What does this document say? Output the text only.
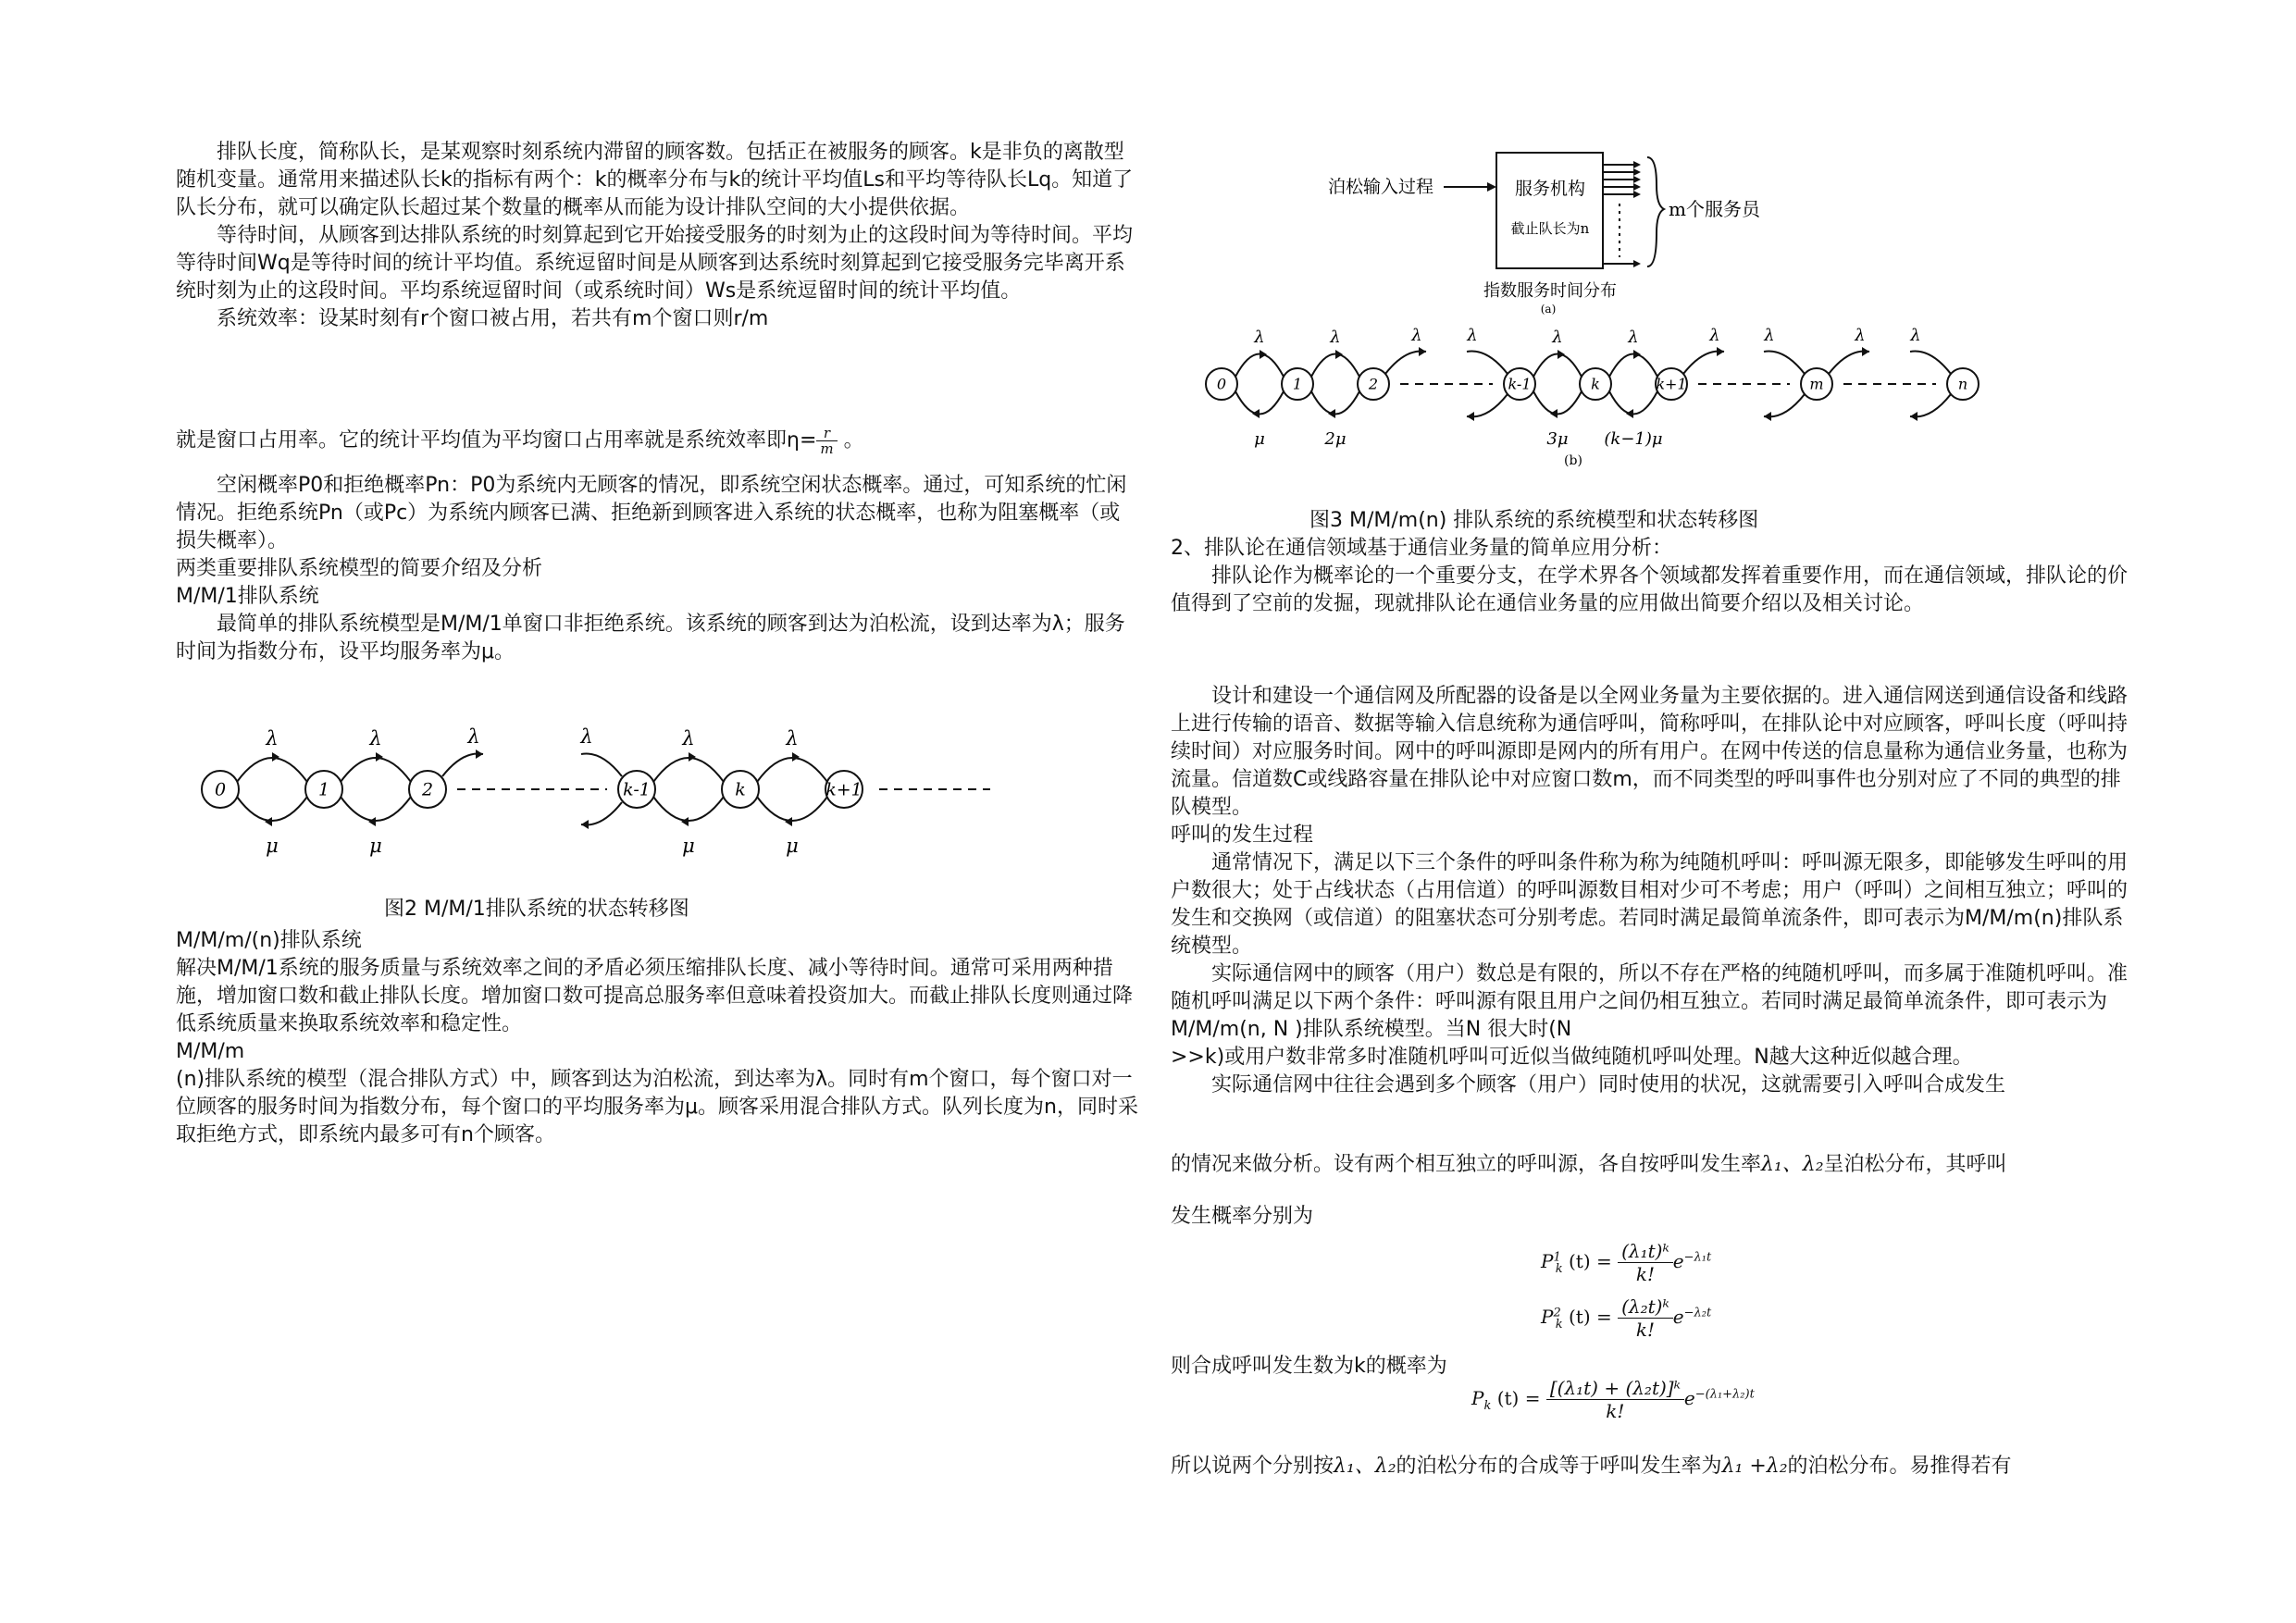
排队长度，简称队长，是某观察时刻系统内滞留的顾客数。包括正在被服务的顾客。k是非负的离散型随机变量。通常用来描述队长k的指标有两个：k的概率分布与k的统计平均值Ls和平均等待队长Lq。知道了队长分布，就可以确定队长超过某个数量的概率从而能为设计排队空间的大小提供依据。

等待时间，从顾客到达排队系统的时刻算起到它开始接受服务的时刻为止的这段时间为等待时间。平均等待时间Wq是等待时间的统计平均值。系统逗留时间是从顾客到达系统时刻算起到它接受服务完毕离开系统时刻为止的这段时间。平均系统逗留时间（或系统时间）Ws是系统逗留时间的统计平均值。

系统效率：设某时刻有r个窗口被占用，若共有m个窗口则r/m

就是窗口占用率。它的统计平均值为平均窗口占用率就是系统效率即$\eta= \frac{r}{m}$ 。

空闲概率P0和拒绝概率Pn：P0为系统内无顾客的情况，即系统空闲状态概率。通过，可知系统的忙闲情况。拒绝系统Pn（或Pc）为系统内顾客已满、拒绝新到顾客进入系统的状态概率，也称为阻塞概率（或损失概率）。

两类重要排队系统模型的简要介绍及分析

M/M/1排队系统

最简单的排队系统模型是M/M/1单窗口非拒绝系统。该系统的顾客到达为泊松流，设到达率为λ；服务时间为指数分布，设平均服务率为μ。

0	1	2	k-1	k	k+1
λ
μ
λ
μ
λ	λ	λ
μ
λ
μ
图2 M/M/1排队系统的状态转移图

M/M/m/(n)排队系统

解决M/M/1系统的服务质量与系统效率之间的矛盾必须压缩排队长度、减小等待时间。通常可采用两种措施，增加窗口数和截止排队长度。增加窗口数可提高总服务率但意味着投资加大。而截止排队长度则通过降低系统质量来换取系统效率和稳定性。

M/M/m

(n)排队系统的模型（混合排队方式）中，顾客到达为泊松流，到达率为λ。同时有m个窗口，每个窗口对一位顾客的服务时间为指数分布，每个窗口的平均服务率为μ。顾客采用混合排队方式。队列长度为n，同时采取拒绝方式，即系统内最多可有n个顾客。

泊松输入过程	服务机构
截止队长为n
m个服务员
指数服务时间分布
(a)
0	1	2	k-1	k	k+1	m	n
λ
μ
λ
2μ
λ	λ	λ
3μ
λ
(k−1)μ
λ	λ	λ	λ
(b)
图3 M/M/m(n) 排队系统的系统模型和状态转移图

2、排队论在通信领域基于通信业务量的简单应用分析：

排队论作为概率论的一个重要分支，在学术界各个领域都发挥着重要作用，而在通信领域，排队论的价值得到了空前的发掘，现就排队论在通信业务量的应用做出简要介绍以及相关讨论。

设计和建设一个通信网及所配器的设备是以全网业务量为主要依据的。进入通信网送到通信设备和线路上进行传输的语音、数据等输入信息统称为通信呼叫，简称呼叫，在排队论中对应顾客，呼叫长度（呼叫持续时间）对应服务时间。网中的呼叫源即是网内的所有用户。在网中传送的信息量称为通信业务量，也称为流量。信道数C或线路容量在排队论中对应窗口数m，而不同类型的呼叫事件也分别对应了不同的典型的排队模型。

呼叫的发生过程

通常情况下，满足以下三个条件的呼叫条件称为称为纯随机呼叫：呼叫源无限多，即能够发生呼叫的用户数很大；处于占线状态（占用信道）的呼叫源数目相对少可不考虑；用户（呼叫）之间相互独立；呼叫的发生和交换网（或信道）的阻塞状态可分别考虑。若同时满足最简单流条件，即可表示为M/M/m(n)排队系统模型。

实际通信网中的顾客（用户）数总是有限的，所以不存在严格的纯随机呼叫，而多属于准随机呼叫。准随机呼叫满足以下两个条件：呼叫源有限且用户之间仍相互独立。若同时满足最简单流条件，即可表示为M/M/m(n, N )排队系统模型。当N 很大时(N

>>k)或用户数非常多时准随机呼叫可近似当做纯随机呼叫处理。N越大这种近似越合理。

实际通信网中往往会遇到多个顾客（用户）同时使用的状况，这就需要引入呼叫合成发生

的情况来做分析。设有两个相互独立的呼叫源，各自按呼叫发生率λ₁、λ₂呈泊松分布，其呼叫
发生概率分别为
$P^1_k$ $(t) = \frac{\text{(λ₁t)ᵏ}}{k!} e^{-\lambda_1t}$
$P^2_k$ $(t) = \frac{\text{(λ₂t)ᵏ}}{k!} e^{-\lambda_2t}$
则合成呼叫发生数为k的概率为
$P_k$ $(t) = \frac{\text{[(λ₁t) + (λ₂t)]ᵏ}}{k!} e^{-(\lambda_1+\lambda_2)t}$
所以说两个分别按λ₁、λ₂的泊松分布的合成等于呼叫发生率为λ₁ +λ₂的泊松分布。易推得若有
